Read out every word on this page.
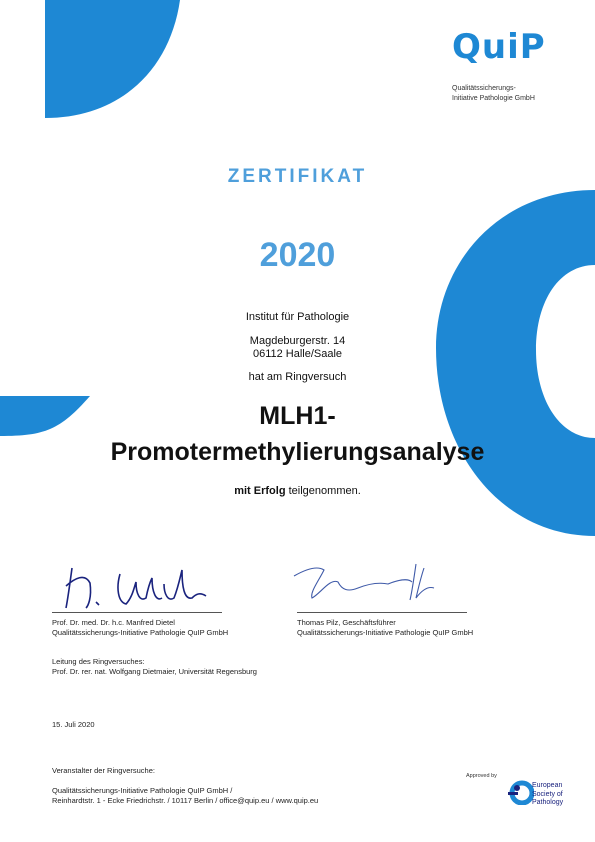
QuiP
Qualitätssicherungs-
Initiative Pathologie GmbH
ZERTIFIKAT
2020
Institut für Pathologie
Magdeburgerstr. 14
06112 Halle/Saale
hat am Ringversuch
MLH1-
Promotermethylierungsanalyse
mit Erfolg teilgenommen.
Prof. Dr. med. Dr. h.c. Manfred Dietel
Qualitätssicherungs-Initiative Pathologie QuIP GmbH
Thomas Pilz, Geschäftsführer
Qualitätssicherungs-Initiative Pathologie QuIP GmbH
Leitung des Ringversuches:
Prof. Dr. rer. nat. Wolfgang Dietmaier, Universität Regensburg
15. Juli 2020
Veranstalter der Ringversuche:
Qualitätssicherungs-Initiative Pathologie QuIP GmbH /
Reinhardtstr. 1 - Ecke Friedrichstr. / 10117 Berlin / office@quip.eu / www.quip.eu
Approved by
European
Society of
Pathology
